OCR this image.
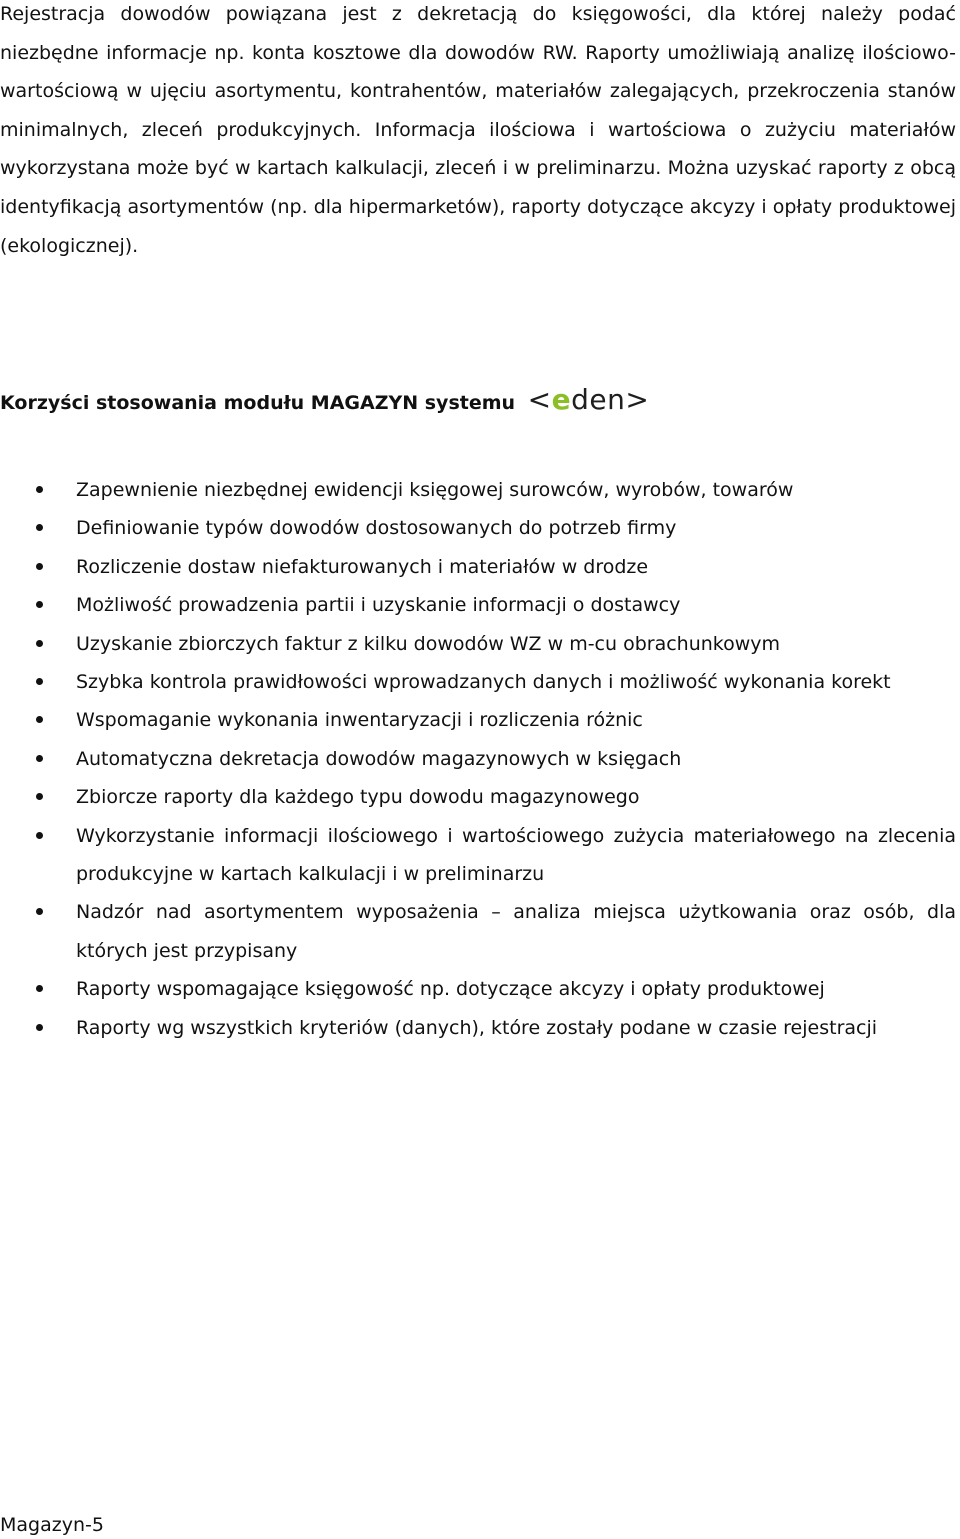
Rejestracja dowodów powiązana jest z dekretacją do księgowości, dla której należy podać niezbędne informacje np. konta kosztowe dla dowodów RW. Raporty umożliwiają analizę ilościowo-wartościową w ujęciu asortymentu, kontrahentów, materiałów zalegających, przekroczenia stanów minimalnych, zleceń produkcyjnych. Informacja ilościowa i wartościowa o zużyciu materiałów wykorzystana może być w kartach kalkulacji, zleceń i w preliminarzu. Można uzyskać raporty z obcą identyfikacją asortymentów (np. dla hipermarketów), raporty dotyczące akcyzy i opłaty produktowej (ekologicznej).

Korzyści stosowania modułu MAGAZYN systemu <eden>
Zapewnienie niezbędnej ewidencji księgowej surowców, wyrobów, towarów
Definiowanie typów dowodów dostosowanych do potrzeb firmy
Rozliczenie dostaw niefakturowanych i materiałów w drodze
Możliwość prowadzenia partii i uzyskanie informacji o dostawcy
Uzyskanie zbiorczych faktur z kilku dowodów WZ w m-cu obrachunkowym
Szybka kontrola prawidłowości wprowadzanych danych i możliwość wykonania korekt
Wspomaganie wykonania inwentaryzacji i rozliczenia różnic
Automatyczna dekretacja dowodów magazynowych w księgach
Zbiorcze raporty dla każdego typu dowodu magazynowego
Wykorzystanie informacji ilościowego i wartościowego zużycia materiałowego na zlecenia produkcyjne w kartach kalkulacji i w preliminarzu
Nadzór nad asortymentem wyposażenia – analiza miejsca użytkowania oraz osób, dla których jest przypisany
Raporty wspomagające księgowość np. dotyczące akcyzy i opłaty produktowej
Raporty wg wszystkich kryteriów (danych), które zostały podane w czasie rejestracji

Magazyn-5
